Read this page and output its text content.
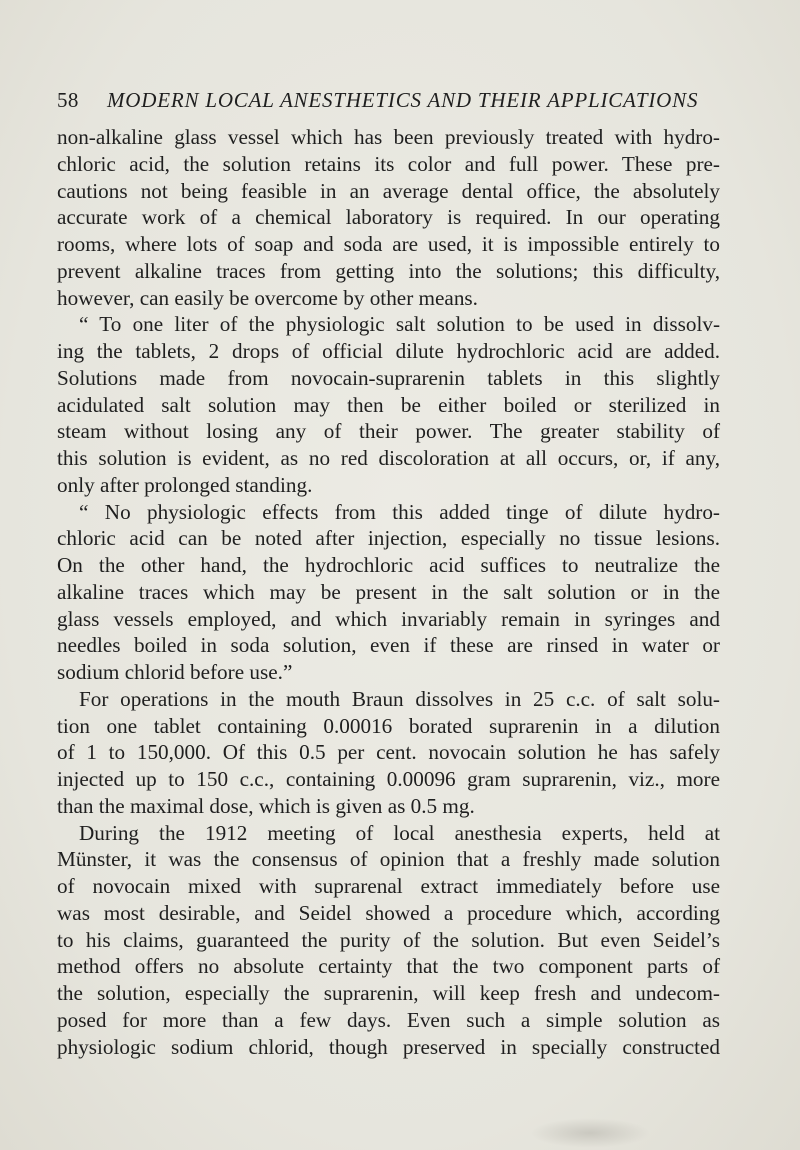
58	MODERN LOCAL ANESTHETICS AND THEIR APPLICATIONS
non-alkaline glass vessel which has been previously treated with hydro-
chloric acid, the solution retains its color and full power. These pre-
cautions not being feasible in an average dental office, the absolutely
accurate work of a chemical laboratory is required. In our operating
rooms, where lots of soap and soda are used, it is impossible entirely to
prevent alkaline traces from getting into the solutions; this difficulty,
however, can easily be overcome by other means.
“ To one liter of the physiologic salt solution to be used in dissolv-
ing the tablets, 2 drops of official dilute hydrochloric acid are added.
Solutions made from novocain-suprarenin tablets in this slightly
acidulated salt solution may then be either boiled or sterilized in
steam without losing any of their power. The greater stability of
this solution is evident, as no red discoloration at all occurs, or, if any,
only after prolonged standing.
“ No physiologic effects from this added tinge of dilute hydro-
chloric acid can be noted after injection, especially no tissue lesions.
On the other hand, the hydrochloric acid suffices to neutralize the
alkaline traces which may be present in the salt solution or in the
glass vessels employed, and which invariably remain in syringes and
needles boiled in soda solution, even if these are rinsed in water or
sodium chlorid before use.”
For operations in the mouth Braun dissolves in 25 c.c. of salt solu-
tion one tablet containing 0.00016 borated suprarenin in a dilution
of 1 to 150,000. Of this 0.5 per cent. novocain solution he has safely
injected up to 150 c.c., containing 0.00096 gram suprarenin, viz., more
than the maximal dose, which is given as 0.5 mg.
During the 1912 meeting of local anesthesia experts, held at
Münster, it was the consensus of opinion that a freshly made solution
of novocain mixed with suprarenal extract immediately before use
was most desirable, and Seidel showed a procedure which, according
to his claims, guaranteed the purity of the solution. But even Seidel’s
method offers no absolute certainty that the two component parts of
the solution, especially the suprarenin, will keep fresh and undecom-
posed for more than a few days. Even such a simple solution as
physiologic sodium chlorid, though preserved in specially constructed
